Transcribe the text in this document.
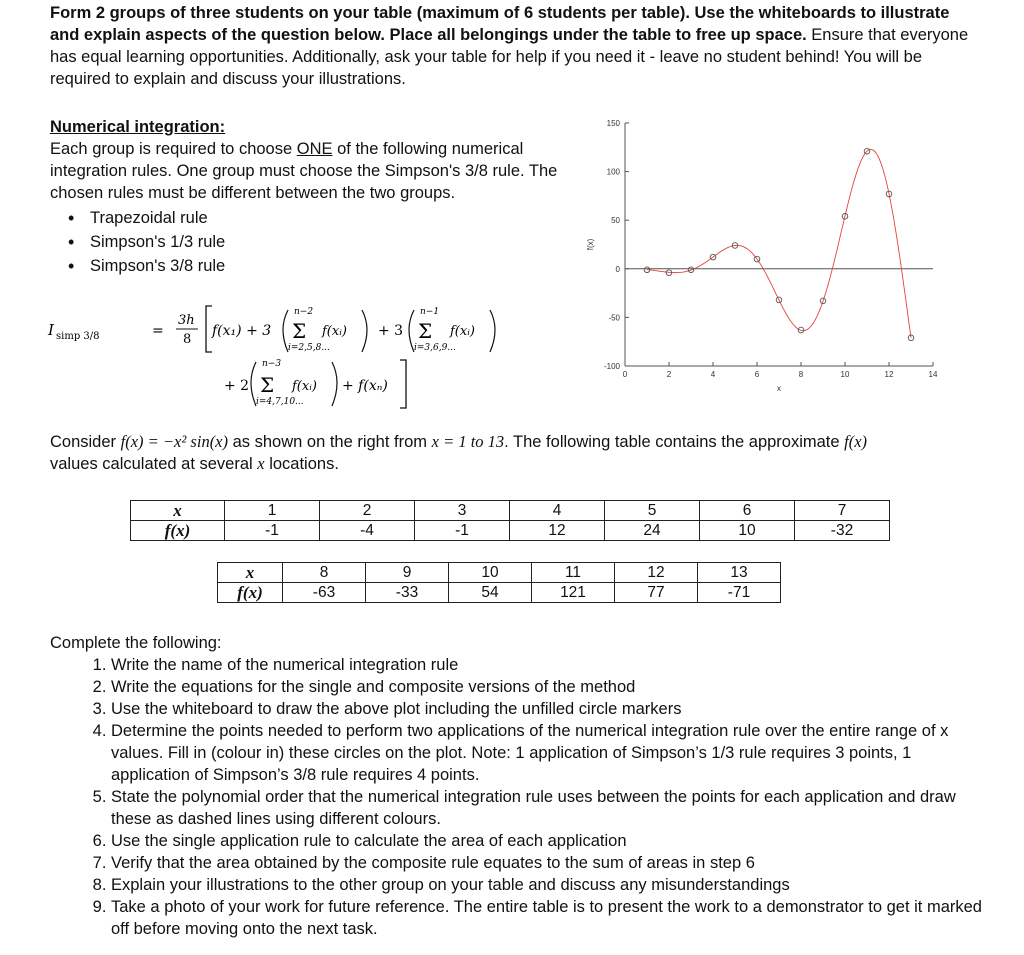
Form 2 groups of three students on your table (maximum of 6 students per table). Use the whiteboards to illustrate and explain aspects of the question below. Place all belongings under the table to free up space. Ensure that everyone has equal learning opportunities. Additionally, ask your table for help if you need it - leave no student behind! You will be required to explain and discuss your illustrations.

Numerical integration:

Each group is required to choose ONE of the following numerical integration rules. One group must choose the Simpson's 3/8 rule. The chosen rules must be different between the two groups.

• Trapezoidal rule
• Simpson's 1/3 rule
• Simpson's 3/8 rule
I simp 3/8	=
3h
8
f(x₁) + 3
n−2
Σ
i=2,5,8...
f(xᵢ) + 3
n−1
Σ
i=3,6,9...
f(xᵢ)
+ 2
n−3
Σ
i=4,7,10...
f(xᵢ) + f(xₙ)
-100
-50
0
50
100
150
0	2	4	6	8	10	12	14
x
f(x)

Consider f(x) = −x² sin(x) as shown on the right from x = 1 to 13. The following table contains the approximate f(x)
values calculated at several x locations.

x	1	2	3	4	5	6	7
f(x)	-1	-4	-1	12	24	10	-32
x	8	9	10	11	12	13
f(x)	-63	-33	54	121	77	-71

Complete the following:

1. Write the name of the numerical integration rule
2. Write the equations for the single and composite versions of the method
3. Use the whiteboard to draw the above plot including the unfilled circle markers
4. Determine the points needed to perform two applications of the numerical integration rule over the entire range of x values. Fill in (colour in) these circles on the plot. Note: 1 application of Simpson’s 1/3 rule requires 3 points, 1 application of Simpson’s 3/8 rule requires 4 points.
5. State the polynomial order that the numerical integration rule uses between the points for each application and draw these as dashed lines using different colours.
6. Use the single application rule to calculate the area of each application
7. Verify that the area obtained by the composite rule equates to the sum of areas in step 6
8. Explain your illustrations to the other group on your table and discuss any misunderstandings
9. Take a photo of your work for future reference. The entire table is to present the work to a demonstrator to get it marked off before moving onto the next task.
